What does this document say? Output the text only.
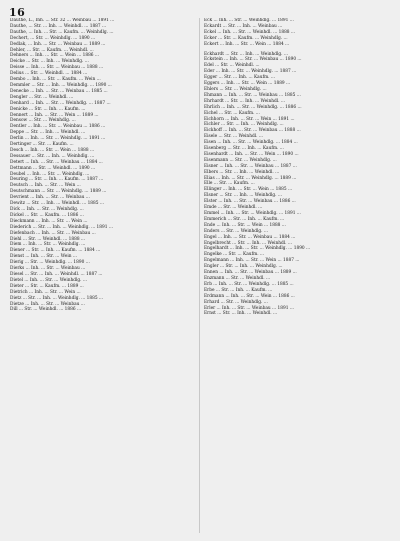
16

Dauthe, L., Inh. ... Str. 32 ... Weinbau ... 1891 ...

Dauthe, ... Str. ... Inh. ... Weinhdl. ... 1887 ...

Dauthe, ... Inh. ... Str. ... Kaufm. ... Weinhdlg. ...

Dechert, ... Str. ... Weinhdlg. ... 1890 ...

Dedlak, ... Inh. ... Str. ... Weinbau ... 1889 ...

Dehler, ... Str. ... Kaufm. ... Weinhdl. ...

Dehners ... Inh. ... Str. ... Wein ... 1886 ...

Deicke ... Str. ... Inh. ... Weinhdlg. ...

Deisse ... Inh. ... Str. ... Weinbau ... 1888 ...

Delius ... Str. ... Weinhdl. ... 1884 ...

Dembo ... Inh. ... Str. ... Kaufm. ... Wein ...

Demmler ... Str. ... Inh. ... Weinhdlg. ... 1890 ...

Denecke ... Inh. ... Str. ... Weinbau ... 1885 ...

Dengler ... Str. ... Weinhdl. ...

Denhard ... Inh. ... Str. ... Weinhdlg. ... 1887 ...

Denicke ... Str. ... Inh. ... Kaufm. ...

Dennert ... Inh. ... Str. ... Wein ... 1889 ...

Densow ... Str. ... Weinhdlg. ...

Dentler ... Inh. ... Str. ... Weinbau ... 1886 ...

Deppe ... Str. ... Inh. ... Weinhdl. ...

Derlin ... Inh. ... Str. ... Weinhdlg. ... 1891 ...

Dertinger ... Str. ... Kaufm. ...

Desch ... Inh. ... Str. ... Wein ... 1888 ...

Dessauer ... Str. ... Inh. ... Weinhdlg. ...

Detert ... Inh. ... Str. ... Weinbau ... 1884 ...

Dettmann ... Str. ... Weinhdl. ... 1890 ...

Deubel ... Inh. ... Str. ... Weinhdlg. ...

Deuring ... Str. ... Inh. ... Kaufm. ... 1887 ...

Deutsch ... Inh. ... Str. ... Wein ...

Deutschmann ... Str. ... Weinhdlg. ... 1889 ...

Devrient ... Inh. ... Str. ... Weinbau ...

Dewitz ... Str. ... Inh. ... Weinhdl. ... 1885 ...

Dick ... Inh. ... Str. ... Weinhdlg. ...

Dickel ... Str. ... Kaufm. ... 1886 ...

Dieckmann ... Inh. ... Str. ... Wein ...

Diederich ... Str. ... Inh. ... Weinhdlg. ... 1891 ...

Diefenbach ... Inh. ... Str. ... Weinbau ...

Diehl ... Str. ... Weinhdl. ... 1888 ...

Diem ... Inh. ... Str. ... Weinhdlg. ...

Diener ... Str. ... Inh. ... Kaufm. ... 1884 ...

Dienst ... Inh. ... Str. ... Wein ...

Dierig ... Str. ... Weinhdlg. ... 1890 ...

Dierks ... Inh. ... Str. ... Weinbau ...

Diesel ... Str. ... Inh. ... Weinhdl. ... 1887 ...

Dietel ... Inh. ... Str. ... Weinhdlg. ...

Dieter ... Str. ... Kaufm. ... 1889 ...

Dietrich ... Inh. ... Str. ... Wein ...

Dietz ... Str. ... Inh. ... Weinhdlg. ... 1885 ...

Dietze ... Inh. ... Str. ... Weinbau ...

Dill ... Str. ... Weinhdl. ... 1886 ...

Eck ... Inh. ... Str. ... Weinhdlg. ... 1891 ...

Eckardt ... Str. ... Inh. ... Weinbau ...

Eckel ... Inh. ... Str. ... Weinhdl. ... 1888 ...

Ecker ... Str. ... Kaufm. ... Weinhdlg. ...

Eckert ... Inh. ... Str. ... Wein ... 1884 ...

Eckhardt ... Str. ... Inh. ... Weinhdlg. ...

Eckstein ... Inh. ... Str. ... Weinbau ... 1890 ...

Edel ... Str. ... Weinhdl. ...

Eder ... Inh. ... Str. ... Weinhdlg. ... 1887 ...

Egger ... Str. ... Inh. ... Kaufm. ...

Eggers ... Inh. ... Str. ... Wein ... 1889 ...

Ehlers ... Str. ... Weinhdlg. ...

Ehmann ... Inh. ... Str. ... Weinbau ... 1885 ...

Ehrhardt ... Str. ... Inh. ... Weinhdl. ...

Ehrlich ... Inh. ... Str. ... Weinhdlg. ... 1886 ...

Eichel ... Str. ... Kaufm. ...

Eichhorn ... Inh. ... Str. ... Wein ... 1891 ...

Eichler ... Str. ... Inh. ... Weinhdlg. ...

Eickhoff ... Inh. ... Str. ... Weinbau ... 1888 ...

Eisele ... Str. ... Weinhdl. ...

Eisen ... Inh. ... Str. ... Weinhdlg. ... 1884 ...

Eisenberg ... Str. ... Inh. ... Kaufm. ...

Eisenhardt ... Inh. ... Str. ... Wein ... 1890 ...

Eisenmann ... Str. ... Weinhdlg. ...

Eisner ... Inh. ... Str. ... Weinbau ... 1887 ...

Elbers ... Str. ... Inh. ... Weinhdl. ...

Elias ... Inh. ... Str. ... Weinhdlg. ... 1889 ...

Elle ... Str. ... Kaufm. ...

Ellinger ... Inh. ... Str. ... Wein ... 1885 ...

Elsner ... Str. ... Inh. ... Weinhdlg. ...

Elster ... Inh. ... Str. ... Weinbau ... 1886 ...

Emde ... Str. ... Weinhdl. ...

Emmel ... Inh. ... Str. ... Weinhdlg. ... 1891 ...

Emmerich ... Str. ... Inh. ... Kaufm. ...

Ende ... Inh. ... Str. ... Wein ... 1888 ...

Enders ... Str. ... Weinhdlg. ...

Engel ... Inh. ... Str. ... Weinbau ... 1884 ...

Engelbrecht ... Str. ... Inh. ... Weinhdl. ...

Engelhardt ... Inh. ... Str. ... Weinhdlg. ... 1890 ...

Engelke ... Str. ... Kaufm. ...

Engelmann ... Inh. ... Str. ... Wein ... 1887 ...

Engler ... Str. ... Inh. ... Weinhdlg. ...

Ennen ... Inh. ... Str. ... Weinbau ... 1889 ...

Enzmann ... Str. ... Weinhdl. ...

Erb ... Inh. ... Str. ... Weinhdlg. ... 1885 ...

Erbe ... Str. ... Inh. ... Kaufm. ...

Erdmann ... Inh. ... Str. ... Wein ... 1886 ...

Erhard ... Str. ... Weinhdlg. ...

Erler ... Inh. ... Str. ... Weinbau ... 1891 ...

Ernst ... Str. ... Inh. ... Weinhdl. ...
